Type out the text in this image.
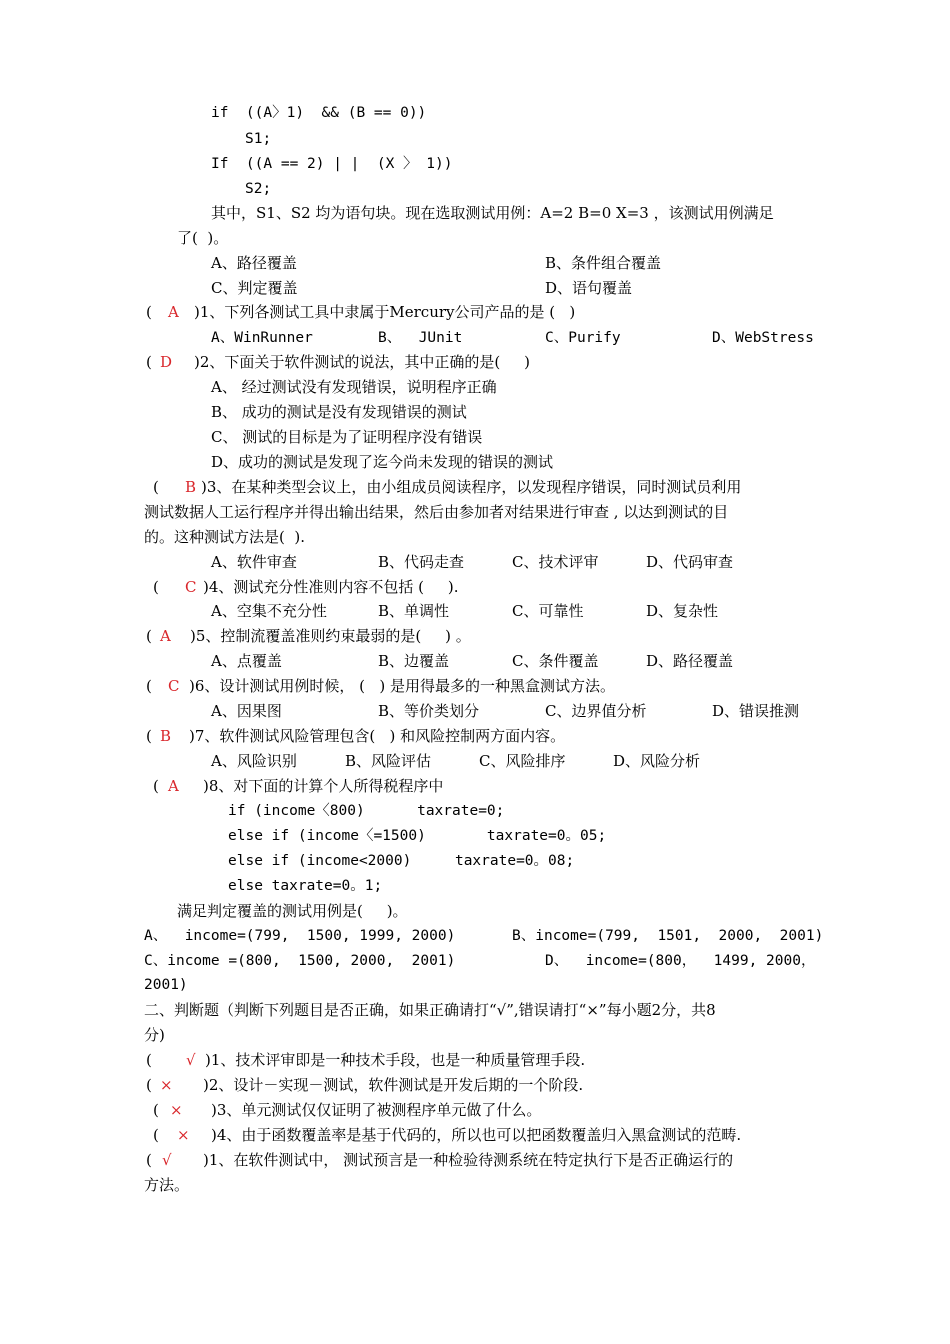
if  ((A〉1)  && (B == 0))
S1;
If  ((A == 2) | |  (X 〉 1))
S2;
其中，S1、S2 均为语句块。现在选取测试用例：A=2 B=0 X=3 ，该测试用例满足
了(  )。
A、路径覆盖	B、条件组合覆盖
C、判定覆盖	D、语句覆盖
( A )1、下列各测试工具中隶属于Mercury公司产品的是 (   )
A、WinRunner	B、  JUnit	C、Purify	D、WebStress
( D )2、下面关于软件测试的说法，其中正确的是(     )
A、 经过测试没有发现错误，说明程序正确
B、 成功的测试是没有发现错误的测试
C、 测试的目标是为了证明程序没有错误
D、成功的测试是发现了迄今尚未发现的错误的测试
( B )3、在某种类型会议上，由小组成员阅读程序，以发现程序错误，同时测试员利用
测试数据人工运行程序并得出输出结果，然后由参加者对结果进行审查 , 以达到测试的目
的。这种测试方法是(  ).
A、软件审查	B、代码走查	C、技术评审	D、代码审查
( C )4、测试充分性准则内容不包括 (     ).
A、空集不充分性	B、单调性	C、可靠性	D、复杂性
( A )5、控制流覆盖准则约束最弱的是(     ) 。
A、点覆盖	B、边覆盖	C、条件覆盖	D、路径覆盖
( C )6、设计测试用例时候， (   ) 是用得最多的一种黑盒测试方法。
A、因果图	B、等价类划分	C、边界值分析	D、错误推测
( B )7、软件测试风险管理包含(   ) 和风险控制两方面内容。
A、风险识别	B、风险评估	C、风险排序	D、风险分析
( A )8、对下面的计算个人所得税程序中
if (income〈800)      taxrate=0;
else if (income〈=1500)       taxrate=0。05;
else if (income<2000)     taxrate=0。08;
else taxrate=0。1;
满足判定覆盖的测试用例是(     )。
A、  income=(799,  1500, 1999, 2000)	B、income=(799,  1501,  2000,  2001)
C、income =(800,  1500, 2000,  2001)	D、  income=(800，  1499, 2000，
2001)
二、判断题（判断下列题目是否正确，如果正确请打“√”,错误请打“×”每小题2分，共8
分)
( √ )1、技术评审即是一种技术手段，也是一种质量管理手段.
( × )2、设计－实现－测试，软件测试是开发后期的一个阶段.
( × )3、单元测试仅仅证明了被测程序单元做了什么。
( × )4、由于函数覆盖率是基于代码的，所以也可以把函数覆盖归入黑盒测试的范畴.
( √ )1、在软件测试中， 测试预言是一种检验待测系统在特定执行下是否正确运行的
方法。
